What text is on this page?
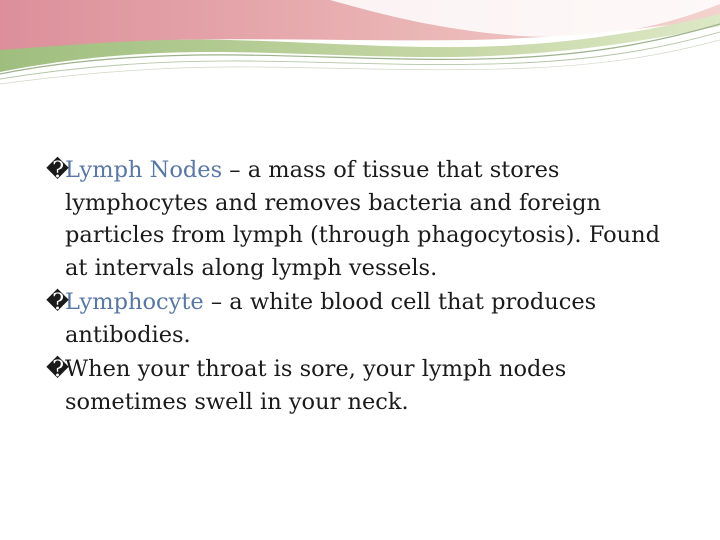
�
Lymph Nodes – a mass of tissue that stores lymphocytes and removes bacteria and foreign particles from lymph (through phagocytosis). Found at intervals along lymph vessels.
�
Lymphocyte – a white blood cell that produces antibodies.
�
When your throat is sore, your lymph nodes sometimes swell in your neck.
